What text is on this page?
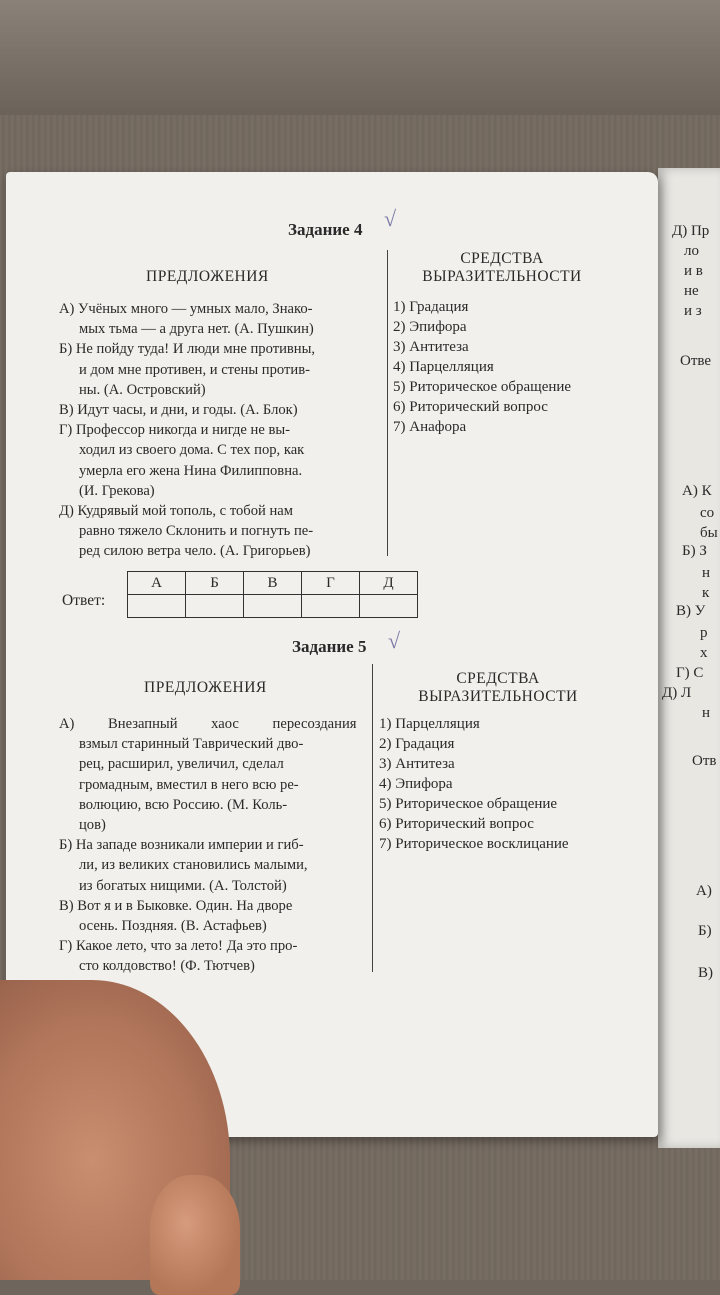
Д) Пр
ло
и в
не
и з
Отве
А) К
со
бы
Б) З
н
к
В) У
р
х
Г) С
Д) Л
н
Отв
А)
Б)
В)
Задание 4 √
ПРЕДЛОЖЕНИЯ
СРЕДСТВА
ВЫРАЗИТЕЛЬНОСТИ
А) Учёных много — умных мало, Знако-
мых тьма — а друга нет. (А. Пушкин)
Б) Не пойду туда! И люди мне противны,
и дом мне противен, и стены против-
ны. (А. Островский)
В) Идут часы, и дни, и годы. (А. Блок)
Г) Профессор никогда и нигде не вы-
ходил из своего дома. С тех пор, как
умерла его жена Нина Филипповна.
(И. Грекова)
Д) Кудрявый мой тополь, с тобой нам
равно тяжело Склонить и погнуть пе-
ред силою ветра чело. (А. Григорьев)
1) Градация
2) Эпифора
3) Антитеза
4) Парцелляция
5) Риторическое обращение
6) Риторический вопрос
7) Анафора
Ответ:
А	Б	В	Г	Д

Задание 5 √
ПРЕДЛОЖЕНИЯ
СРЕДСТВА
ВЫРАЗИТЕЛЬНОСТИ
А) Внезапный хаос пересоздания
взмыл старинный Таврический дво-
рец, расширил, увеличил, сделал
громадным, вместил в него всю ре-
волюцию, всю Россию. (М. Коль-
цов)
Б) На западе возникали империи и гиб-
ли, из великих становились малыми,
из богатых нищими. (А. Толстой)
В) Вот я и в Быковке. Один. На дворе
осень. Поздняя. (В. Астафьев)
Г) Какое лето, что за лето! Да это про-
сто колдовство! (Ф. Тютчев)
1) Парцелляция
2) Градация
3) Антитеза
4) Эпифора
5) Риторическое обращение
6) Риторический вопрос
7) Риторическое восклицание
